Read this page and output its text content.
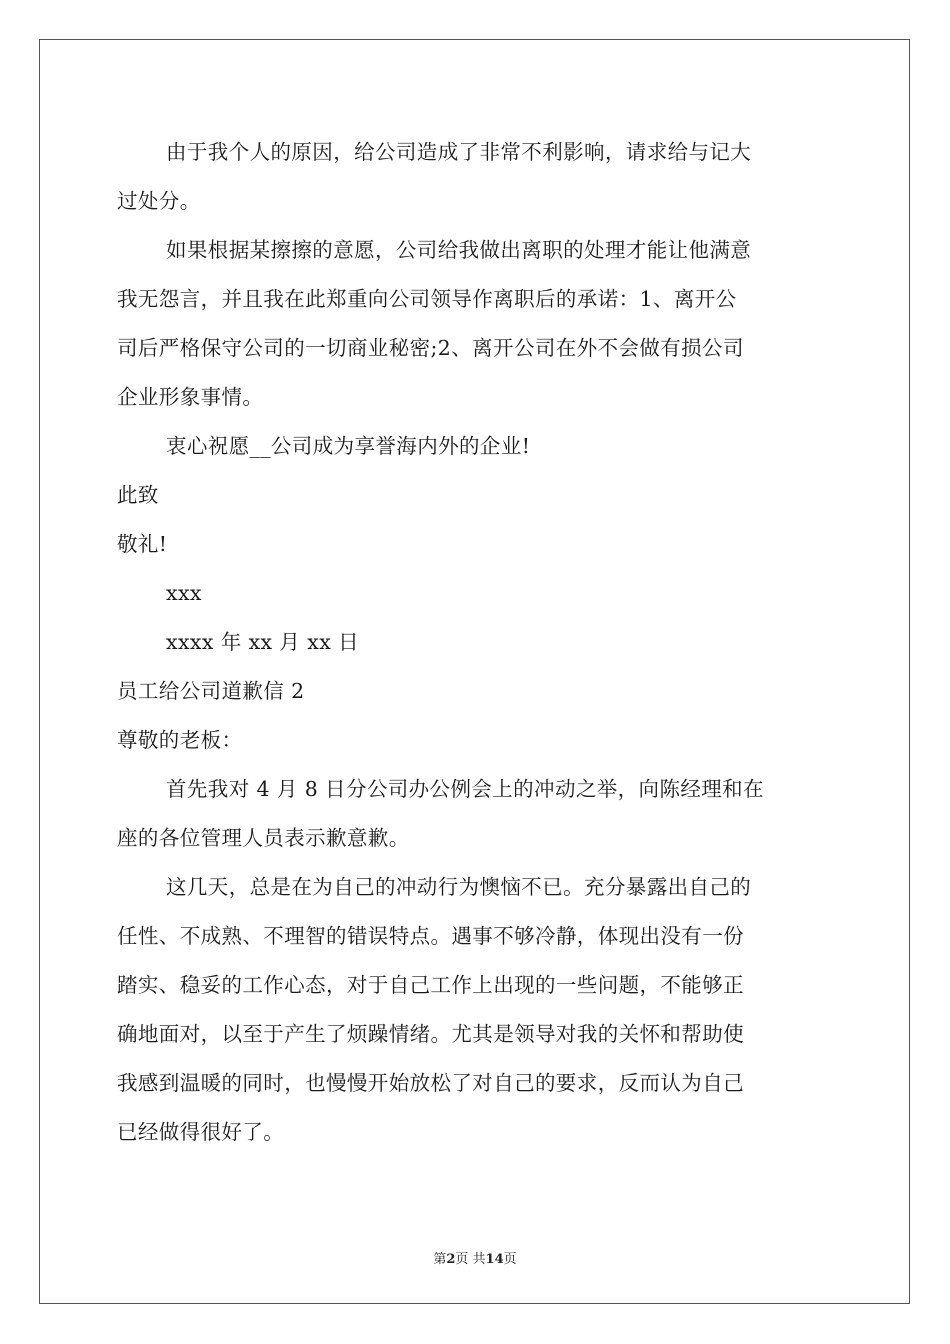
由于我个人的原因，给公司造成了非常不利影响，请求给与记大
过处分。
如果根据某擦擦的意愿，公司给我做出离职的处理才能让他满意
我无怨言，并且我在此郑重向公司领导作离职后的承诺：1、离开公
司后严格保守公司的一切商业秘密;2、离开公司在外不会做有损公司
企业形象事情。
衷心祝愿__公司成为享誉海内外的企业!
此致
敬礼!
xxx
xxxx 年 xx 月 xx 日
员工给公司道歉信 2
尊敬的老板：
首先我对 4 月 8 日分公司办公例会上的冲动之举，向陈经理和在
座的各位管理人员表示歉意歉。
这几天，总是在为自己的冲动行为懊恼不已。充分暴露出自己的
任性、不成熟、不理智的错误特点。遇事不够冷静，体现出没有一份
踏实、稳妥的工作心态，对于自己工作上出现的一些问题，不能够正
确地面对，以至于产生了烦躁情绪。尤其是领导对我的关怀和帮助使
我感到温暖的同时，也慢慢开始放松了对自己的要求，反而认为自己
已经做得很好了。
第2页 共14页
